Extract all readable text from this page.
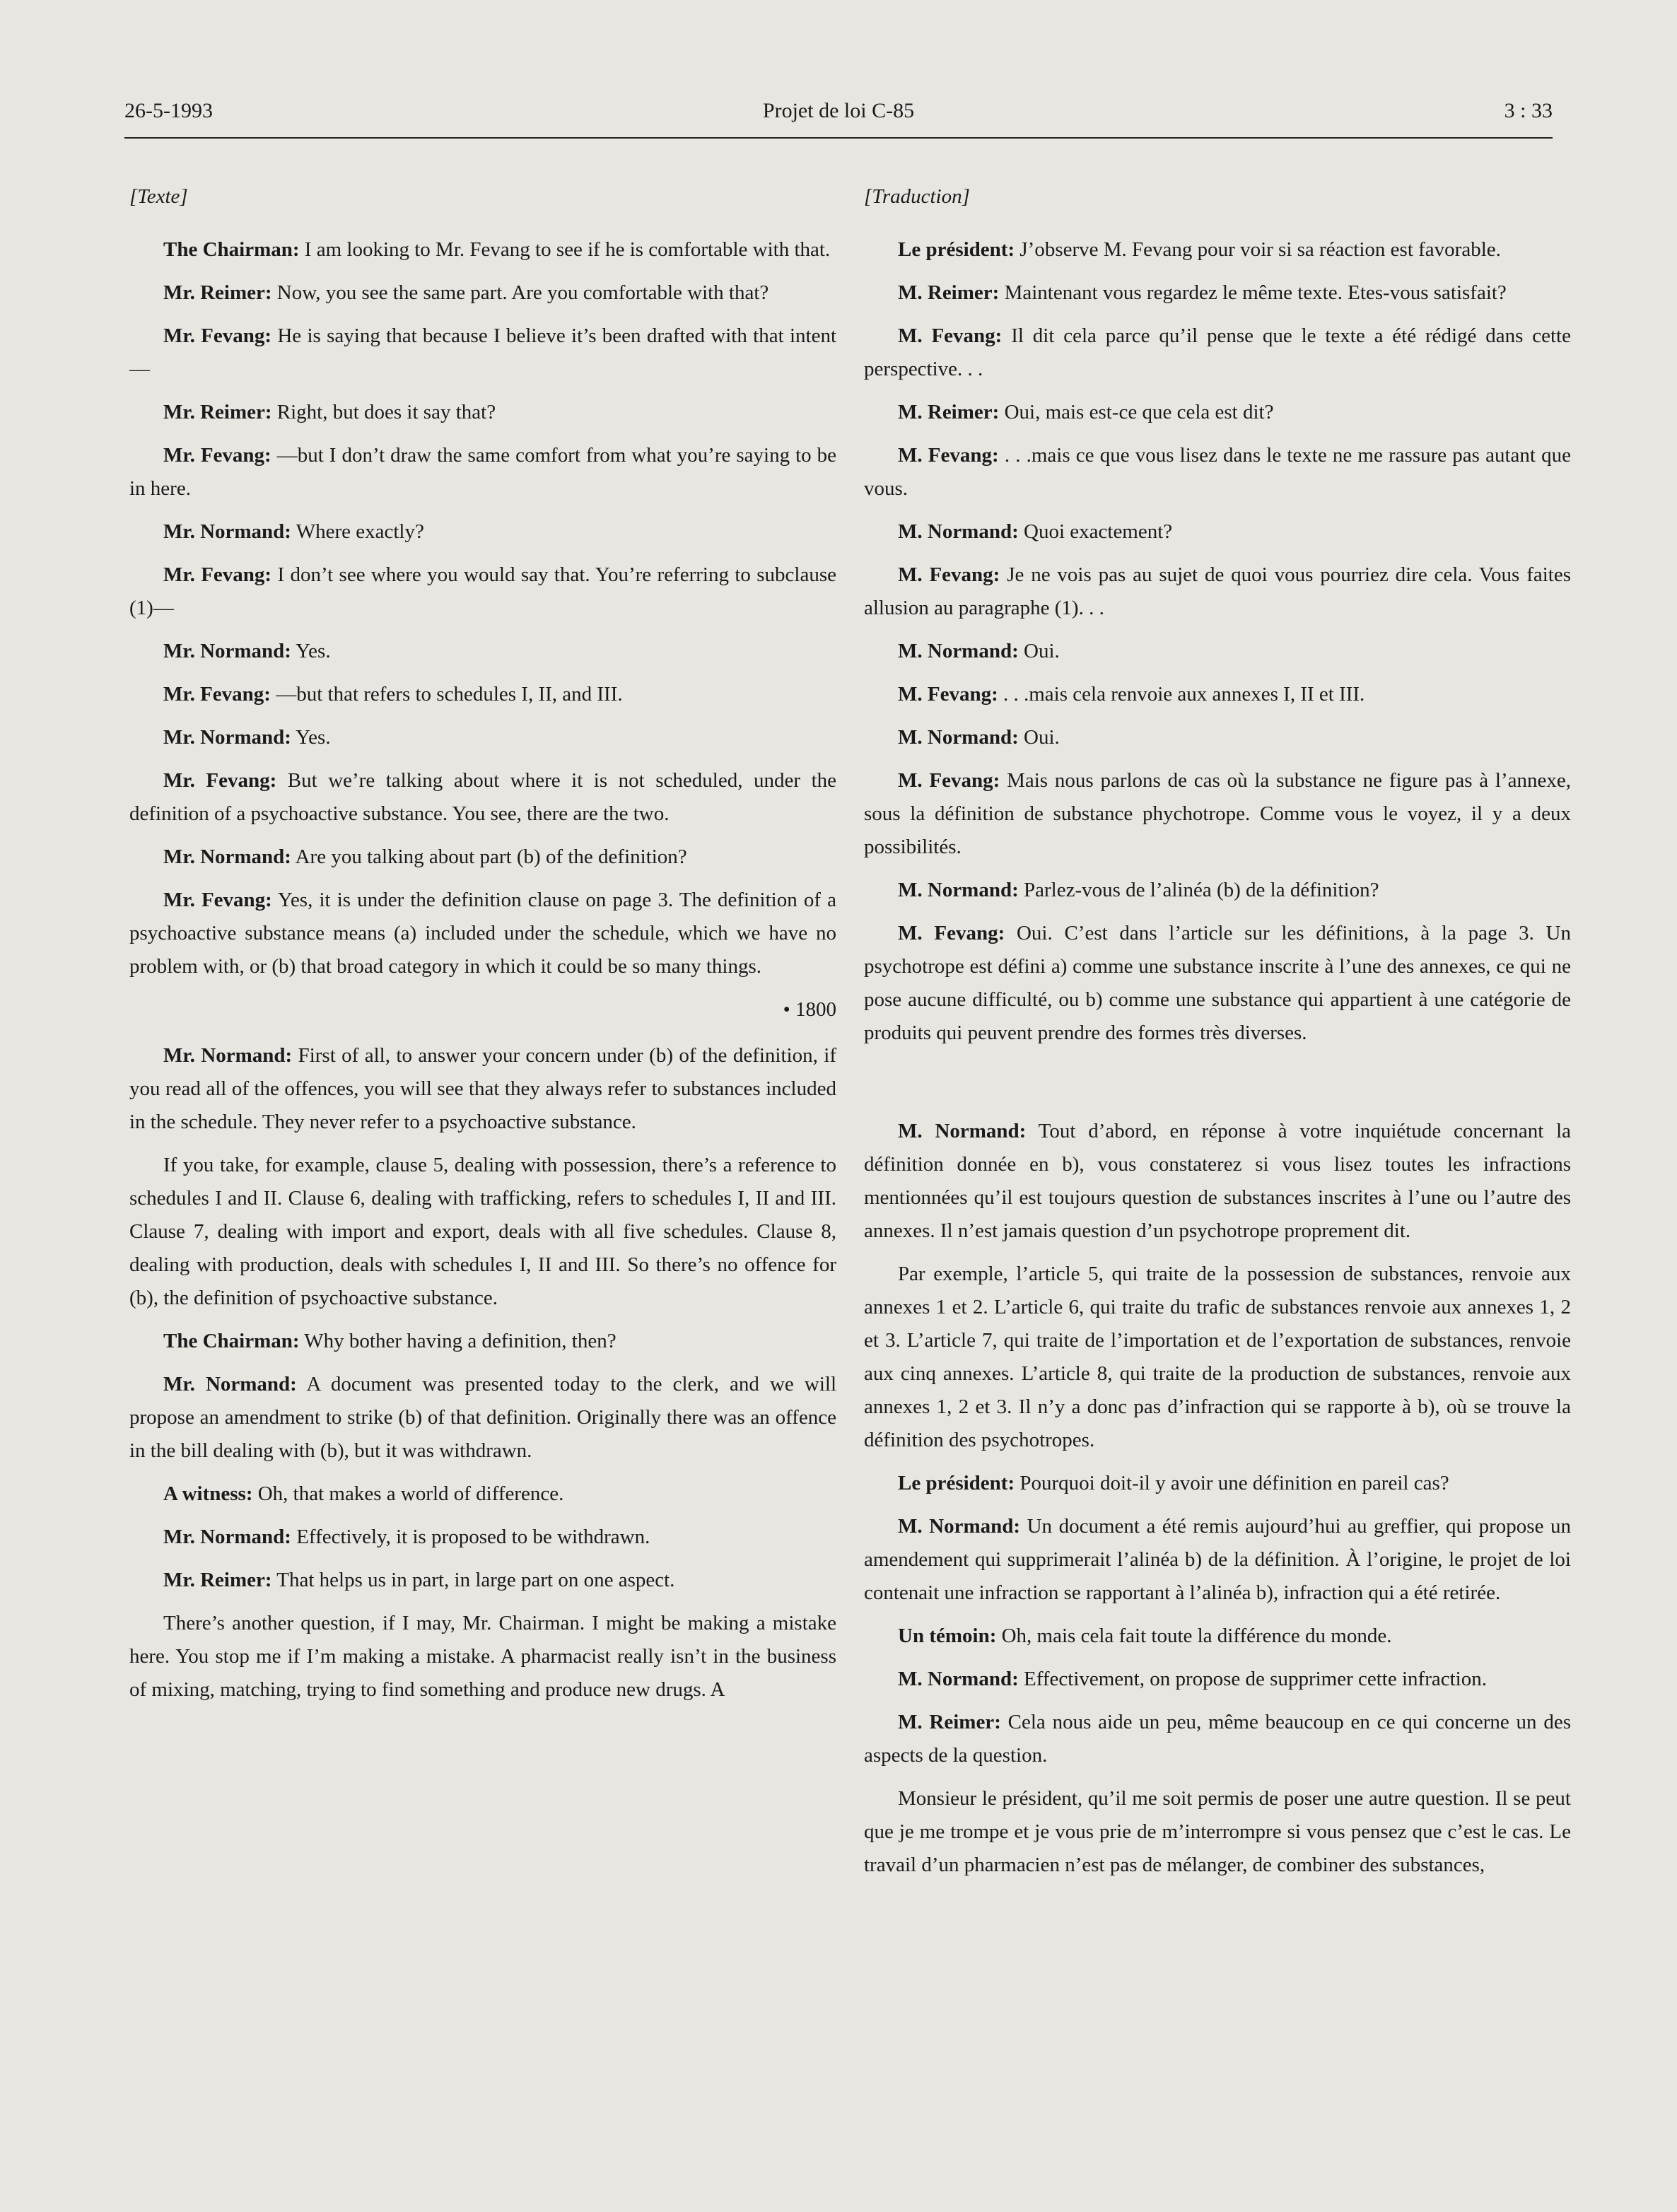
26-5-1993	Projet de loi C-85	3 : 33
[Texte]
The Chairman: I am looking to Mr. Fevang to see if he is comfortable with that.
Mr. Reimer: Now, you see the same part. Are you comfortable with that?
Mr. Fevang: He is saying that because I believe it’s been drafted with that intent—
Mr. Reimer: Right, but does it say that?
Mr. Fevang: —but I don’t draw the same comfort from what you’re saying to be in here.
Mr. Normand: Where exactly?
Mr. Fevang: I don’t see where you would say that. You’re referring to subclause (1)—
Mr. Normand: Yes.
Mr. Fevang: —but that refers to schedules I, II, and III.
Mr. Normand: Yes.
Mr. Fevang: But we’re talking about where it is not scheduled, under the definition of a psychoactive substance. You see, there are the two.
Mr. Normand: Are you talking about part (b) of the definition?
Mr. Fevang: Yes, it is under the definition clause on page 3. The definition of a psychoactive substance means (a) included under the schedule, which we have no problem with, or (b) that broad category in which it could be so many things.
• 1800
Mr. Normand: First of all, to answer your concern under (b) of the definition, if you read all of the offences, you will see that they always refer to substances included in the schedule. They never refer to a psychoactive substance.
If you take, for example, clause 5, dealing with possession, there’s a reference to schedules I and II. Clause 6, dealing with trafficking, refers to schedules I, II and III. Clause 7, dealing with import and export, deals with all five schedules. Clause 8, dealing with production, deals with schedules I, II and III. So there’s no offence for (b), the definition of psychoactive substance.
The Chairman: Why bother having a definition, then?
Mr. Normand: A document was presented today to the clerk, and we will propose an amendment to strike (b) of that definition. Originally there was an offence in the bill dealing with (b), but it was withdrawn.
A witness: Oh, that makes a world of difference.
Mr. Normand: Effectively, it is proposed to be withdrawn.
Mr. Reimer: That helps us in part, in large part on one aspect.
There’s another question, if I may, Mr. Chairman. I might be making a mistake here. You stop me if I’m making a mistake. A pharmacist really isn’t in the business of mixing, matching, trying to find something and produce new drugs. A
[Traduction]
Le président: J’observe M. Fevang pour voir si sa réaction est favorable.
M. Reimer: Maintenant vous regardez le même texte. Etes-vous satisfait?
M. Fevang: Il dit cela parce qu’il pense que le texte a été rédigé dans cette perspective. . .
M. Reimer: Oui, mais est-ce que cela est dit?
M. Fevang: . . .mais ce que vous lisez dans le texte ne me rassure pas autant que vous.
M. Normand: Quoi exactement?
M. Fevang: Je ne vois pas au sujet de quoi vous pourriez dire cela. Vous faites allusion au paragraphe (1). . .
M. Normand: Oui.
M. Fevang: . . .mais cela renvoie aux annexes I, II et III.
M. Normand: Oui.
M. Fevang: Mais nous parlons de cas où la substance ne figure pas à l’annexe, sous la définition de substance phychotrope. Comme vous le voyez, il y a deux possibilités.
M. Normand: Parlez-vous de l’alinéa (b) de la définition?
M. Fevang: Oui. C’est dans l’article sur les définitions, à la page 3. Un psychotrope est défini a) comme une substance inscrite à l’une des annexes, ce qui ne pose aucune difficulté, ou b) comme une substance qui appartient à une catégorie de produits qui peuvent prendre des formes très diverses.
M. Normand: Tout d’abord, en réponse à votre inquiétude concernant la définition donnée en b), vous constaterez si vous lisez toutes les infractions mentionnées qu’il est toujours question de substances inscrites à l’une ou l’autre des annexes. Il n’est jamais question d’un psychotrope proprement dit.
Par exemple, l’article 5, qui traite de la possession de substances, renvoie aux annexes 1 et 2. L’article 6, qui traite du trafic de substances renvoie aux annexes 1, 2 et 3. L’article 7, qui traite de l’importation et de l’exportation de substances, renvoie aux cinq annexes. L’article 8, qui traite de la production de substances, renvoie aux annexes 1, 2 et 3. Il n’y a donc pas d’infraction qui se rapporte à b), où se trouve la définition des psychotropes.
Le président: Pourquoi doit-il y avoir une définition en pareil cas?
M. Normand: Un document a été remis aujourd’hui au greffier, qui propose un amendement qui supprimerait l’alinéa b) de la définition. À l’origine, le projet de loi contenait une infraction se rapportant à l’alinéa b), infraction qui a été retirée.
Un témoin: Oh, mais cela fait toute la différence du monde.
M. Normand: Effectivement, on propose de supprimer cette infraction.
M. Reimer: Cela nous aide un peu, même beaucoup en ce qui concerne un des aspects de la question.
Monsieur le président, qu’il me soit permis de poser une autre question. Il se peut que je me trompe et je vous prie de m’interrompre si vous pensez que c’est le cas. Le travail d’un pharmacien n’est pas de mélanger, de combiner des substances,
